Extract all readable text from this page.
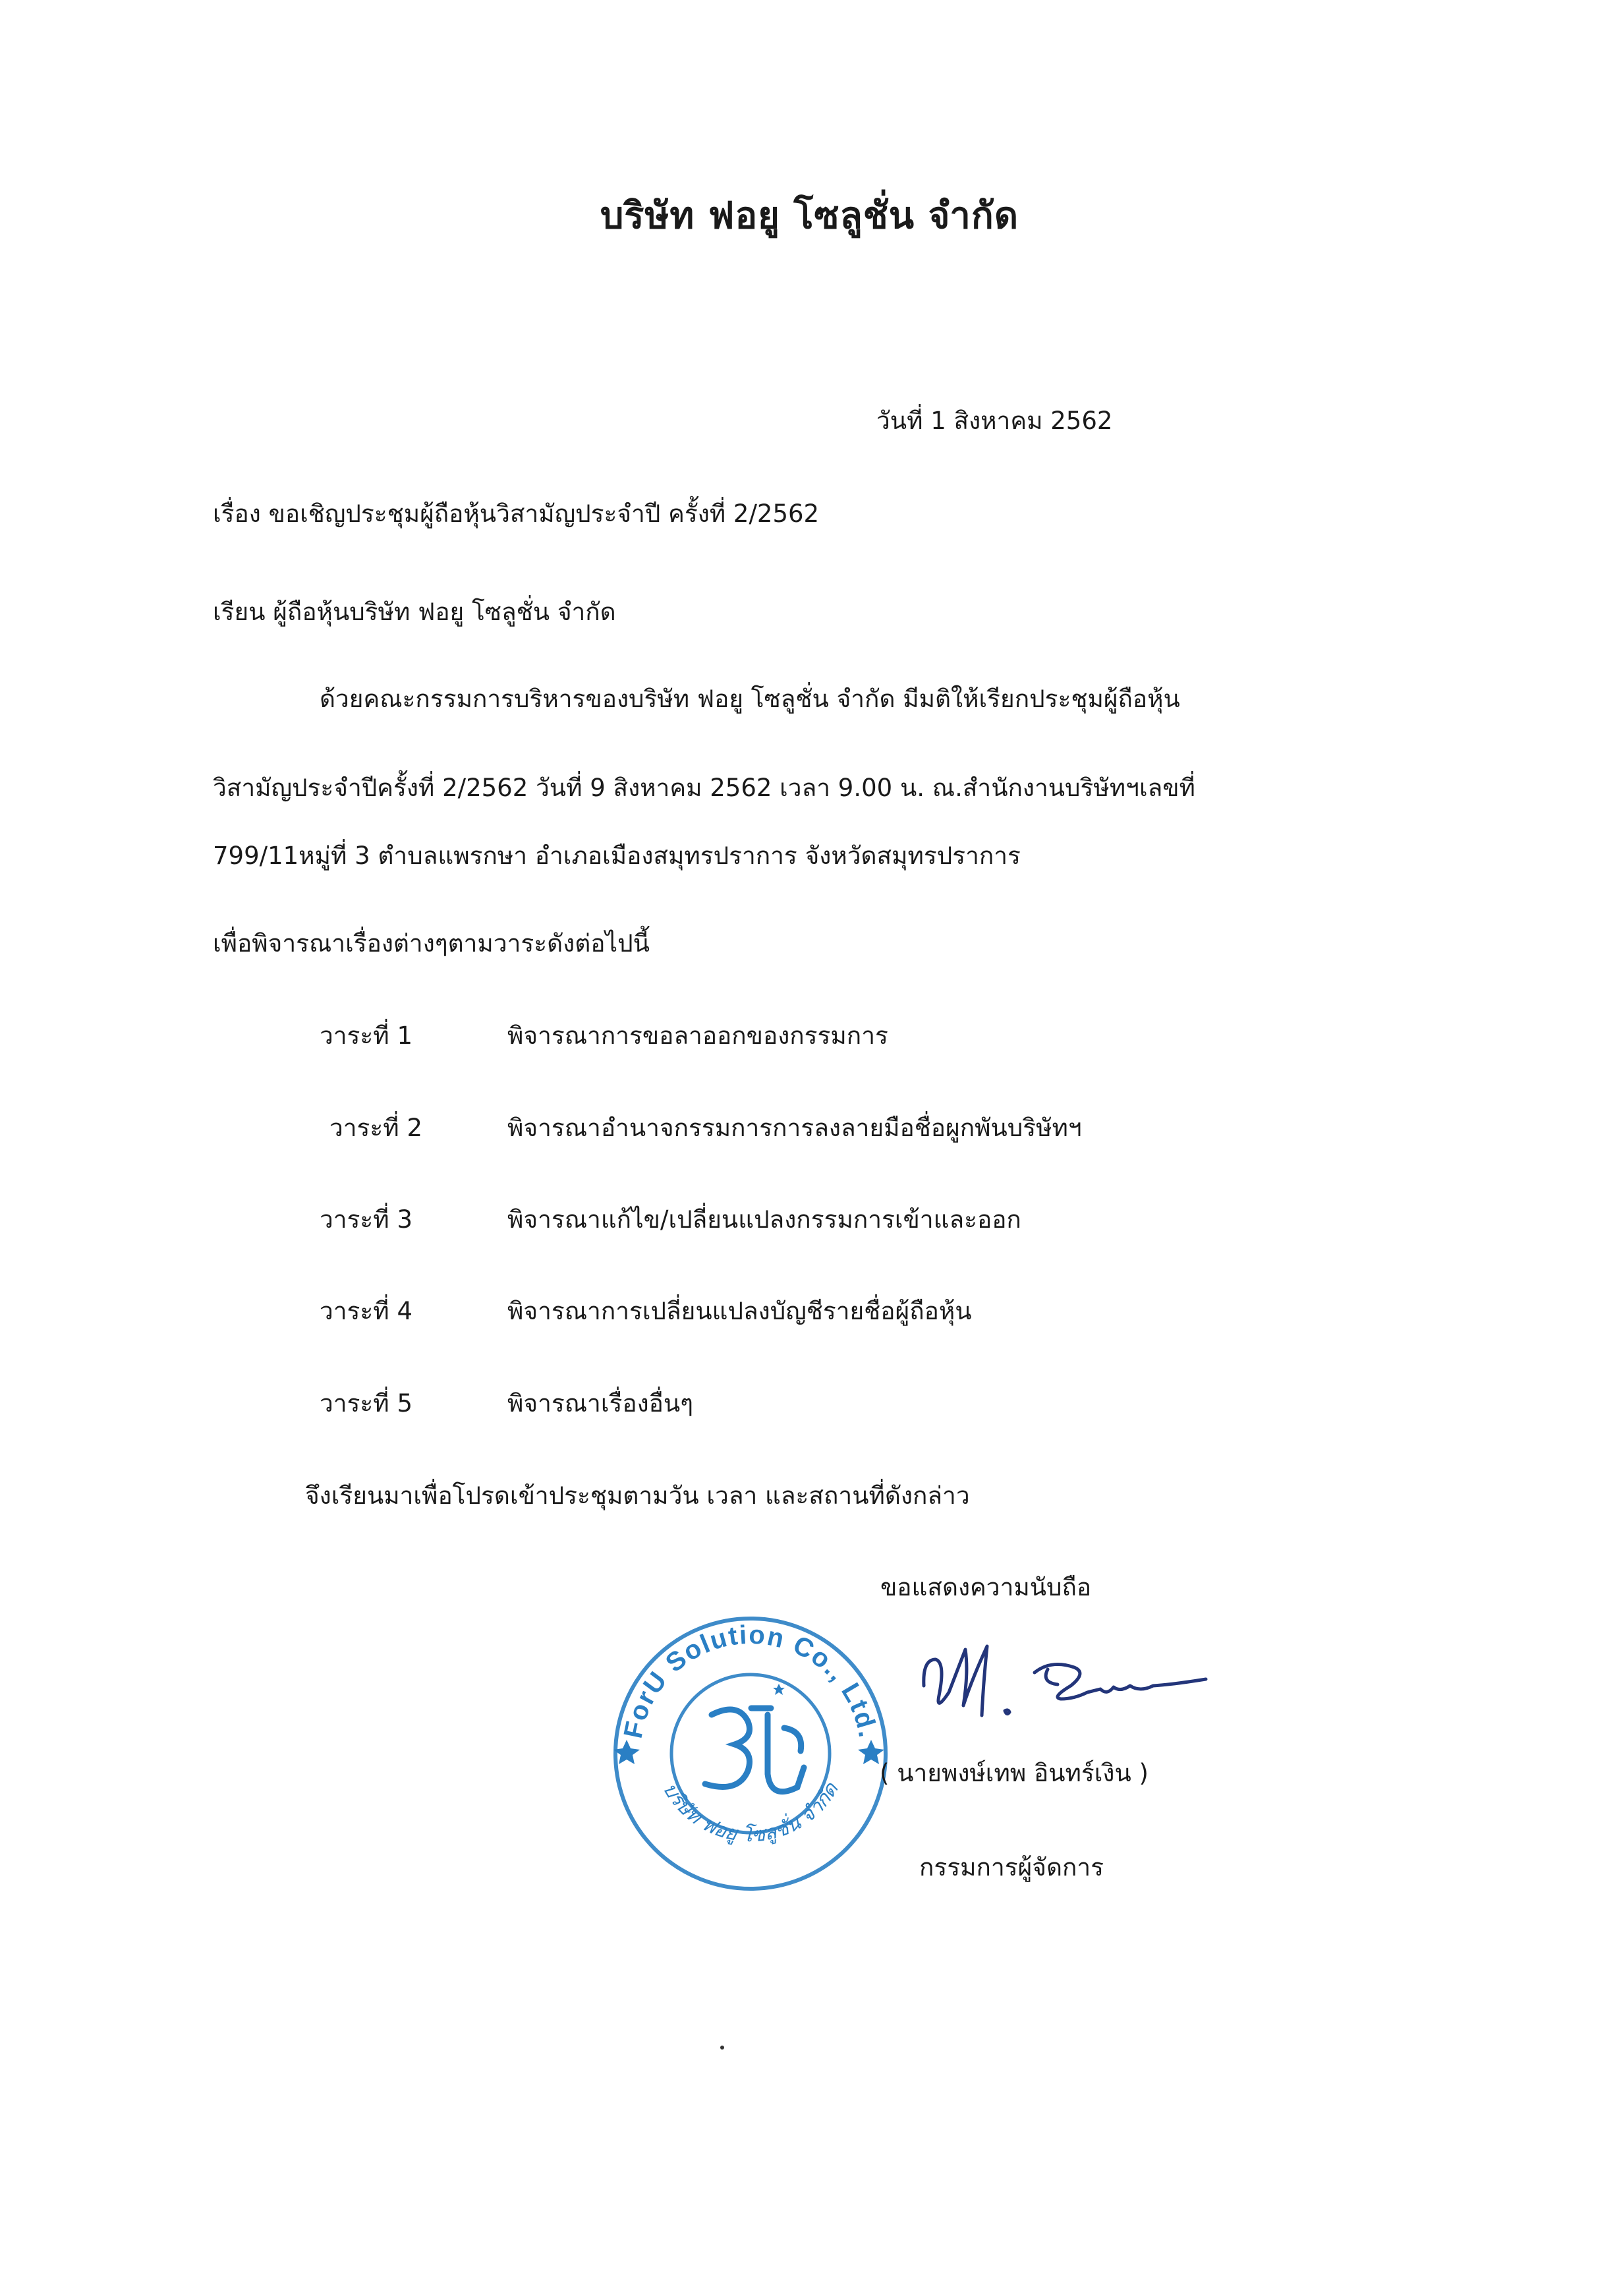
บริษัท ฟอยู โซลูชั่น จำกัด
วันที่ 1 สิงหาคม 2562
เรื่อง ขอเชิญประชุมผู้ถือหุ้นวิสามัญประจำปี ครั้งที่ 2/2562
เรียน ผู้ถือหุ้นบริษัท ฟอยู โซลูชั่น จำกัด
ด้วยคณะกรรมการบริหารของบริษัท ฟอยู โซลูชั่น จำกัด มีมติให้เรียกประชุมผู้ถือหุ้น
วิสามัญประจำปีครั้งที่ 2/2562 วันที่ 9 สิงหาคม 2562 เวลา 9.00 น. ณ.สำนักงานบริษัทฯเลขที่
799/11หมู่ที่ 3 ตำบลแพรกษา อำเภอเมืองสมุทรปราการ จังหวัดสมุทรปราการ
เพื่อพิจารณาเรื่องต่างๆตามวาระดังต่อไปนี้
วาระที่ 1	พิจารณาการขอลาออกของกรรมการ
วาระที่ 2	พิจารณาอำนาจกรรมการการลงลายมือชื่อผูกพันบริษัทฯ
วาระที่ 3	พิจารณาแก้ไข/เปลี่ยนแปลงกรรมการเข้าและออก
วาระที่ 4	พิจารณาการเปลี่ยนแปลงบัญชีรายชื่อผู้ถือหุ้น
วาระที่ 5	พิจารณาเรื่องอื่นๆ
จึงเรียนมาเพื่อโปรดเข้าประชุมตามวัน เวลา และสถานที่ดังกล่าว
ขอแสดงความนับถือ
ForU Solution Co., Ltd.
บริษัท ฟอยู โซลูชั่น จำกัด
( นายพงษ์เทพ อินทร์เงิน )
กรรมการผู้จัดการ
